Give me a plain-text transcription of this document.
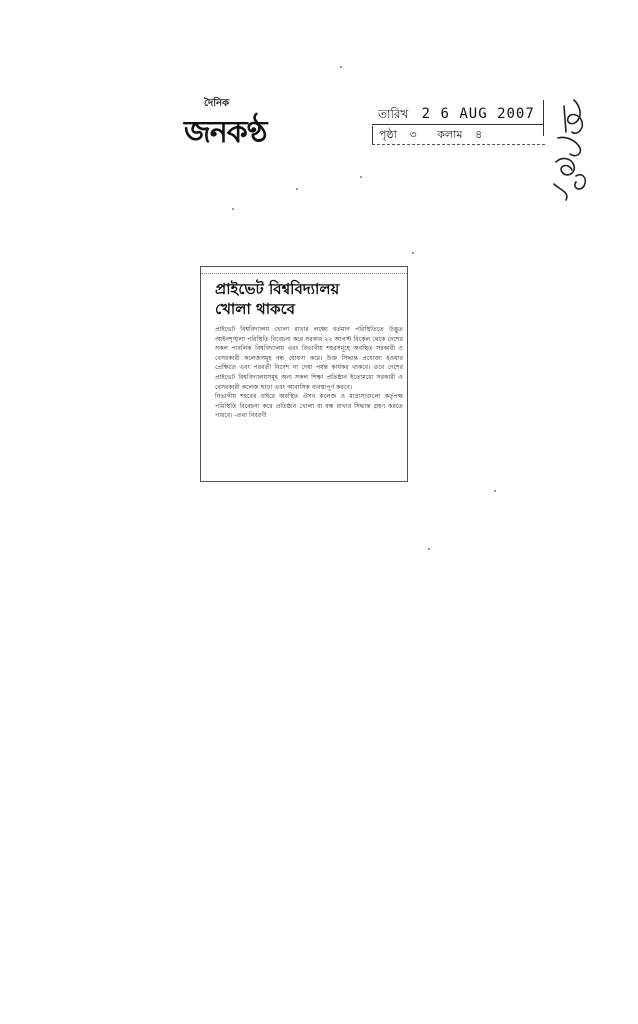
দৈনিক
জনকণ্ঠ
তারিখ 2 6 AUG 2007
পৃষ্ঠা ৩ কলাম ৪
প্রাইভেট বিশ্ববিদ্যালয়
খোলা থাকবে

প্রাইভেট বিশ্ববিদ্যালয় খোলা রাখার লক্ষ্যে বর্তমান পরিস্থিতিতে উদ্ভূত আইনশৃঙ্খলা পরিস্থিতি বিবেচনা করে সরকার ২২ আগস্ট বিকেল থেকে দেশের সকল পাবলিক বিশ্ববিদ্যালয় এবং বিভাগীয় শহরসমূহে অবস্থিত সরকারী ও বেসরকারী কলেজসমূহ বন্ধ ঘোষণা করে। উক্ত সিদ্ধান্ত প্রযোজ্য হওয়ার প্রেক্ষিতে এবং পরবর্তী নির্দেশ না দেয়া পর্যন্ত কার্যকর থাকবে। তবে দেশের প্রাইভেট বিশ্ববিদ্যালয়সমূহ অন্য সকল শিক্ষা প্রতিষ্ঠান ইতোমধ্যে সরকারী ও বেসরকারী কলেজ ছাড়া এবং আবাসিক ব্যবস্থাপূর্ণ করবে।

বিভাগীয় শহরের বাইরে অবস্থিত ঐসব কলেজ ও মাদ্রাসাগুলো কর্তৃপক্ষ পরিস্থিতি বিবেচনা করে প্রতিষ্ঠান খোলা বা বন্ধ রাখার সিদ্ধান্ত গ্রহণ করতে পারবে। -তথ্য বিবরণী
